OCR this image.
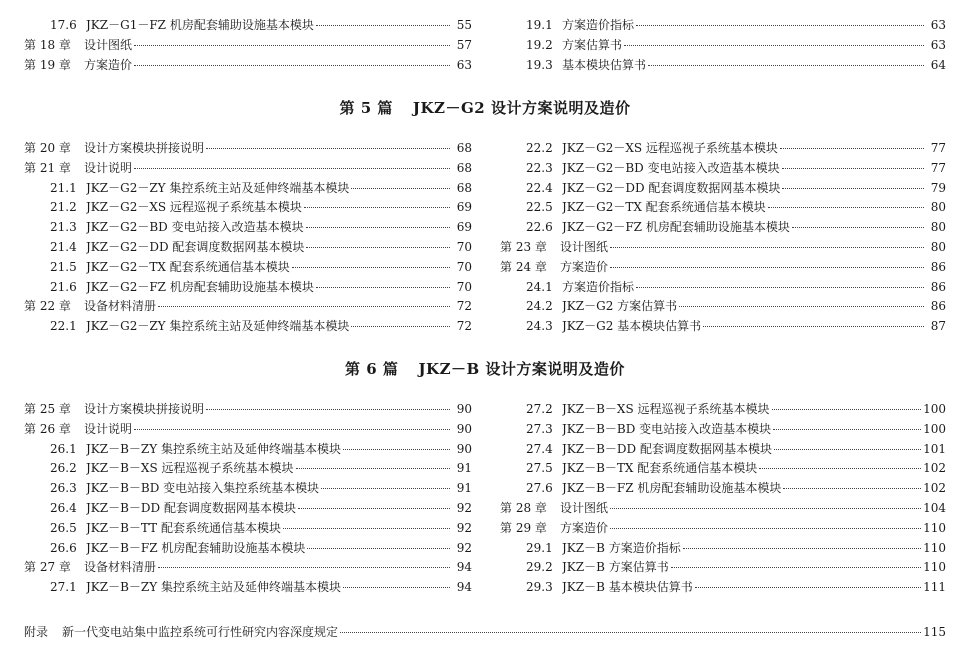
17.6 JKZ－G1－FZ 机房配套辅助设施基本模块	55
第 18 章	设计图纸	57
第 19 章	方案造价	63
19.1 方案造价指标	63
19.2 方案估算书	63
19.3 基本模块估算书	64
第 5 篇 JKZ－G2 设计方案说明及造价
第 20 章	设计方案模块拼接说明	68
第 21 章	设计说明	68
21.1 JKZ－G2－ZY 集控系统主站及延伸终端基本模块	68
21.2 JKZ－G2－XS 远程巡视子系统基本模块	69
21.3 JKZ－G2－BD 变电站接入改造基本模块	69
21.4 JKZ－G2－DD 配套调度数据网基本模块	70
21.5 JKZ－G2－TX 配套系统通信基本模块	70
21.6 JKZ－G2－FZ 机房配套辅助设施基本模块	70
第 22 章	设备材料清册	72
22.1 JKZ－G2－ZY 集控系统主站及延伸终端基本模块	72
22.2 JKZ－G2－XS 远程巡视子系统基本模块	77
22.3 JKZ－G2－BD 变电站接入改造基本模块	77
22.4 JKZ－G2－DD 配套调度数据网基本模块	79
22.5 JKZ－G2－TX 配套系统通信基本模块	80
22.6 JKZ－G2－FZ 机房配套辅助设施基本模块	80
第 23 章	设计图纸	80
第 24 章	方案造价	86
24.1 方案造价指标	86
24.2 JKZ－G2 方案估算书	86
24.3 JKZ－G2 基本模块估算书	87
第 6 篇 JKZ－B 设计方案说明及造价
第 25 章	设计方案模块拼接说明	90
第 26 章	设计说明	90
26.1 JKZ－B－ZY 集控系统主站及延伸终端基本模块	90
26.2 JKZ－B－XS 远程巡视子系统基本模块	91
26.3 JKZ－B－BD 变电站接入集控系统基本模块	91
26.4 JKZ－B－DD 配套调度数据网基本模块	92
26.5 JKZ－B－TT 配套系统通信基本模块	92
26.6 JKZ－B－FZ 机房配套辅助设施基本模块	92
第 27 章	设备材料清册	94
27.1 JKZ－B－ZY 集控系统主站及延伸终端基本模块	94
27.2 JKZ－B－XS 远程巡视子系统基本模块	100
27.3 JKZ－B－BD 变电站接入改造基本模块	100
27.4 JKZ－B－DD 配套调度数据网基本模块	101
27.5 JKZ－B－TX 配套系统通信基本模块	102
27.6 JKZ－B－FZ 机房配套辅助设施基本模块	102
第 28 章	设计图纸	104
第 29 章	方案造价	110
29.1 JKZ－B 方案造价指标	110
29.2 JKZ－B 方案估算书	110
29.3 JKZ－B 基本模块估算书	111
附录 新一代变电站集中监控系统可行性研究内容深度规定	115
